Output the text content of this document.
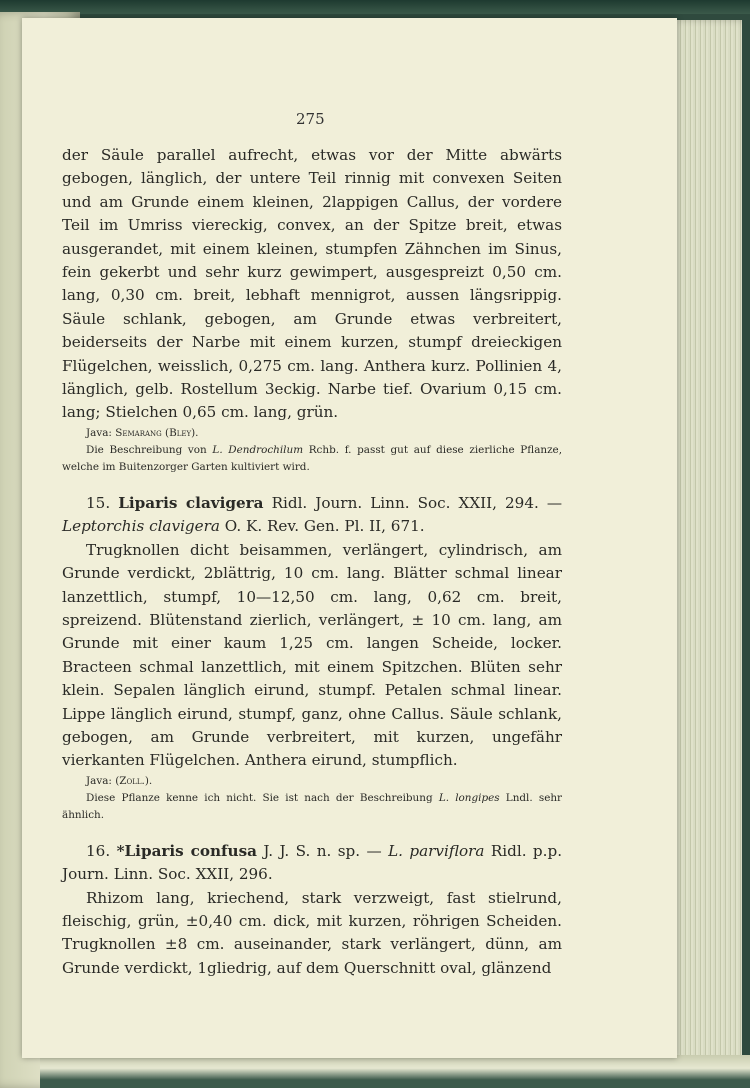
275

der Säule parallel aufrecht, etwas vor der Mitte abwärts gebogen, länglich, der untere Teil rinnig mit convexen Seiten und am Grunde einem kleinen, 2lappigen Callus, der vordere Teil im Umriss viereckig, convex, an der Spitze breit, etwas ausgerandet, mit einem kleinen, stumpfen Zähnchen im Sinus, fein gekerbt und sehr kurz gewimpert, ausgespreizt 0,50 cm. lang, 0,30 cm. breit, lebhaft mennigrot, aussen längsrippig. Säule schlank, gebogen, am Grunde etwas verbreitert, beiderseits der Narbe mit einem kurzen, stumpf dreieckigen Flügelchen, weisslich, 0,275 cm. lang. Anthera kurz. Pollinien 4, länglich, gelb. Rostellum 3eckig. Narbe tief. Ovarium 0,15 cm. lang; Stielchen 0,65 cm. lang, grün.

Java: Semarang (Bley).

Die Beschreibung von L. Dendrochilum Rchb. f. passt gut auf diese zierliche Pflanze, welche im Buitenzorger Garten kultiviert wird.

15. Liparis clavigera Ridl. Journ. Linn. Soc. XXII, 294. — Leptorchis clavigera O. K. Rev. Gen. Pl. II, 671.

Trugknollen dicht beisammen, verlängert, cylindrisch, am Grunde verdickt, 2blättrig, 10 cm. lang. Blätter schmal linear lanzettlich, stumpf, 10—12,50 cm. lang, 0,62 cm. breit, spreizend. Blütenstand zierlich, verlängert, ± 10 cm. lang, am Grunde mit einer kaum 1,25 cm. langen Scheide, locker. Bracteen schmal lanzettlich, mit einem Spitzchen. Blüten sehr klein. Sepalen länglich eirund, stumpf. Petalen schmal linear. Lippe länglich eirund, stumpf, ganz, ohne Callus. Säule schlank, gebogen, am Grunde verbreitert, mit kurzen, ungefähr vierkanten Flügelchen. Anthera eirund, stumpflich.

Java: (Zoll.).

Diese Pflanze kenne ich nicht. Sie ist nach der Beschreibung L. longipes Lndl. sehr ähnlich.

16. *Liparis confusa J. J. S. n. sp. — L. parviflora Ridl. p.p. Journ. Linn. Soc. XXII, 296.

Rhizom lang, kriechend, stark verzweigt, fast stielrund, fleischig, grün, ±0,40 cm. dick, mit kurzen, röhrigen Scheiden. Trugknollen ±8 cm. auseinander, stark verlängert, dünn, am Grunde verdickt, 1gliedrig, auf dem Querschnitt oval, glänzend
